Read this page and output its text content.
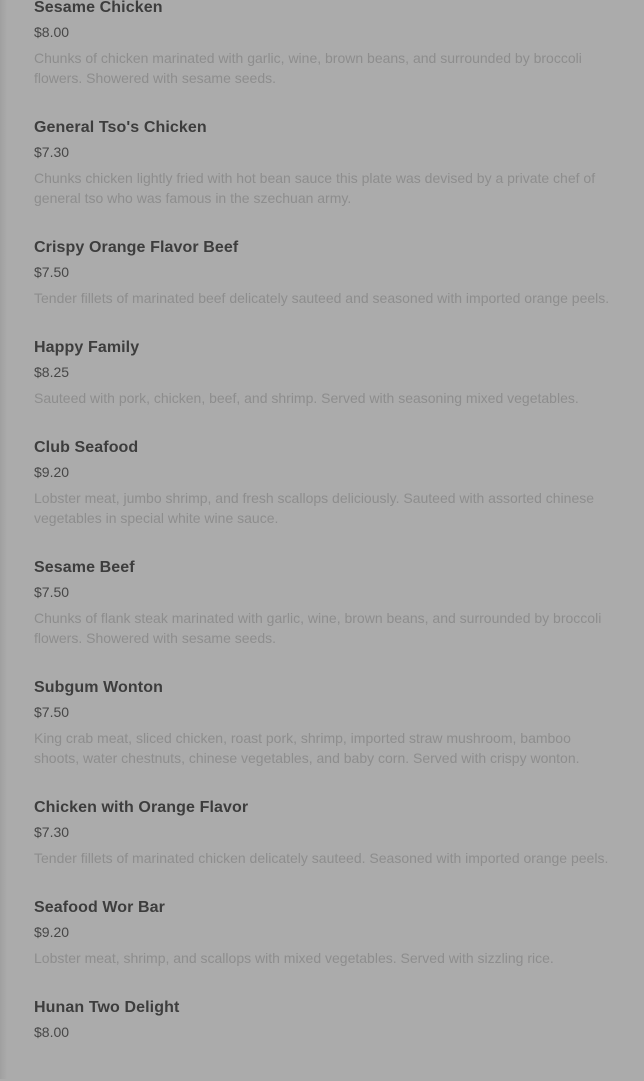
Sesame Chicken
$8.00
Chunks of chicken marinated with garlic, wine, brown beans, and surrounded by broccoli flowers. Showered with sesame seeds.
General Tso's Chicken
$7.30
Chunks chicken lightly fried with hot bean sauce this plate was devised by a private chef of general tso who was famous in the szechuan army.
Crispy Orange Flavor Beef
$7.50
Tender fillets of marinated beef delicately sauteed and seasoned with imported orange peels.
Happy Family
$8.25
Sauteed with pork, chicken, beef, and shrimp. Served with seasoning mixed vegetables.
Club Seafood
$9.20
Lobster meat, jumbo shrimp, and fresh scallops deliciously. Sauteed with assorted chinese vegetables in special white wine sauce.
Sesame Beef
$7.50
Chunks of flank steak marinated with garlic, wine, brown beans, and surrounded by broccoli flowers. Showered with sesame seeds.
Subgum Wonton
$7.50
King crab meat, sliced chicken, roast pork, shrimp, imported straw mushroom, bamboo shoots, water chestnuts, chinese vegetables, and baby corn. Served with crispy wonton.
Chicken with Orange Flavor
$7.30
Tender fillets of marinated chicken delicately sauteed. Seasoned with imported orange peels.
Seafood Wor Bar
$9.20
Lobster meat, shrimp, and scallops with mixed vegetables. Served with sizzling rice.
Hunan Two Delight
$8.00
